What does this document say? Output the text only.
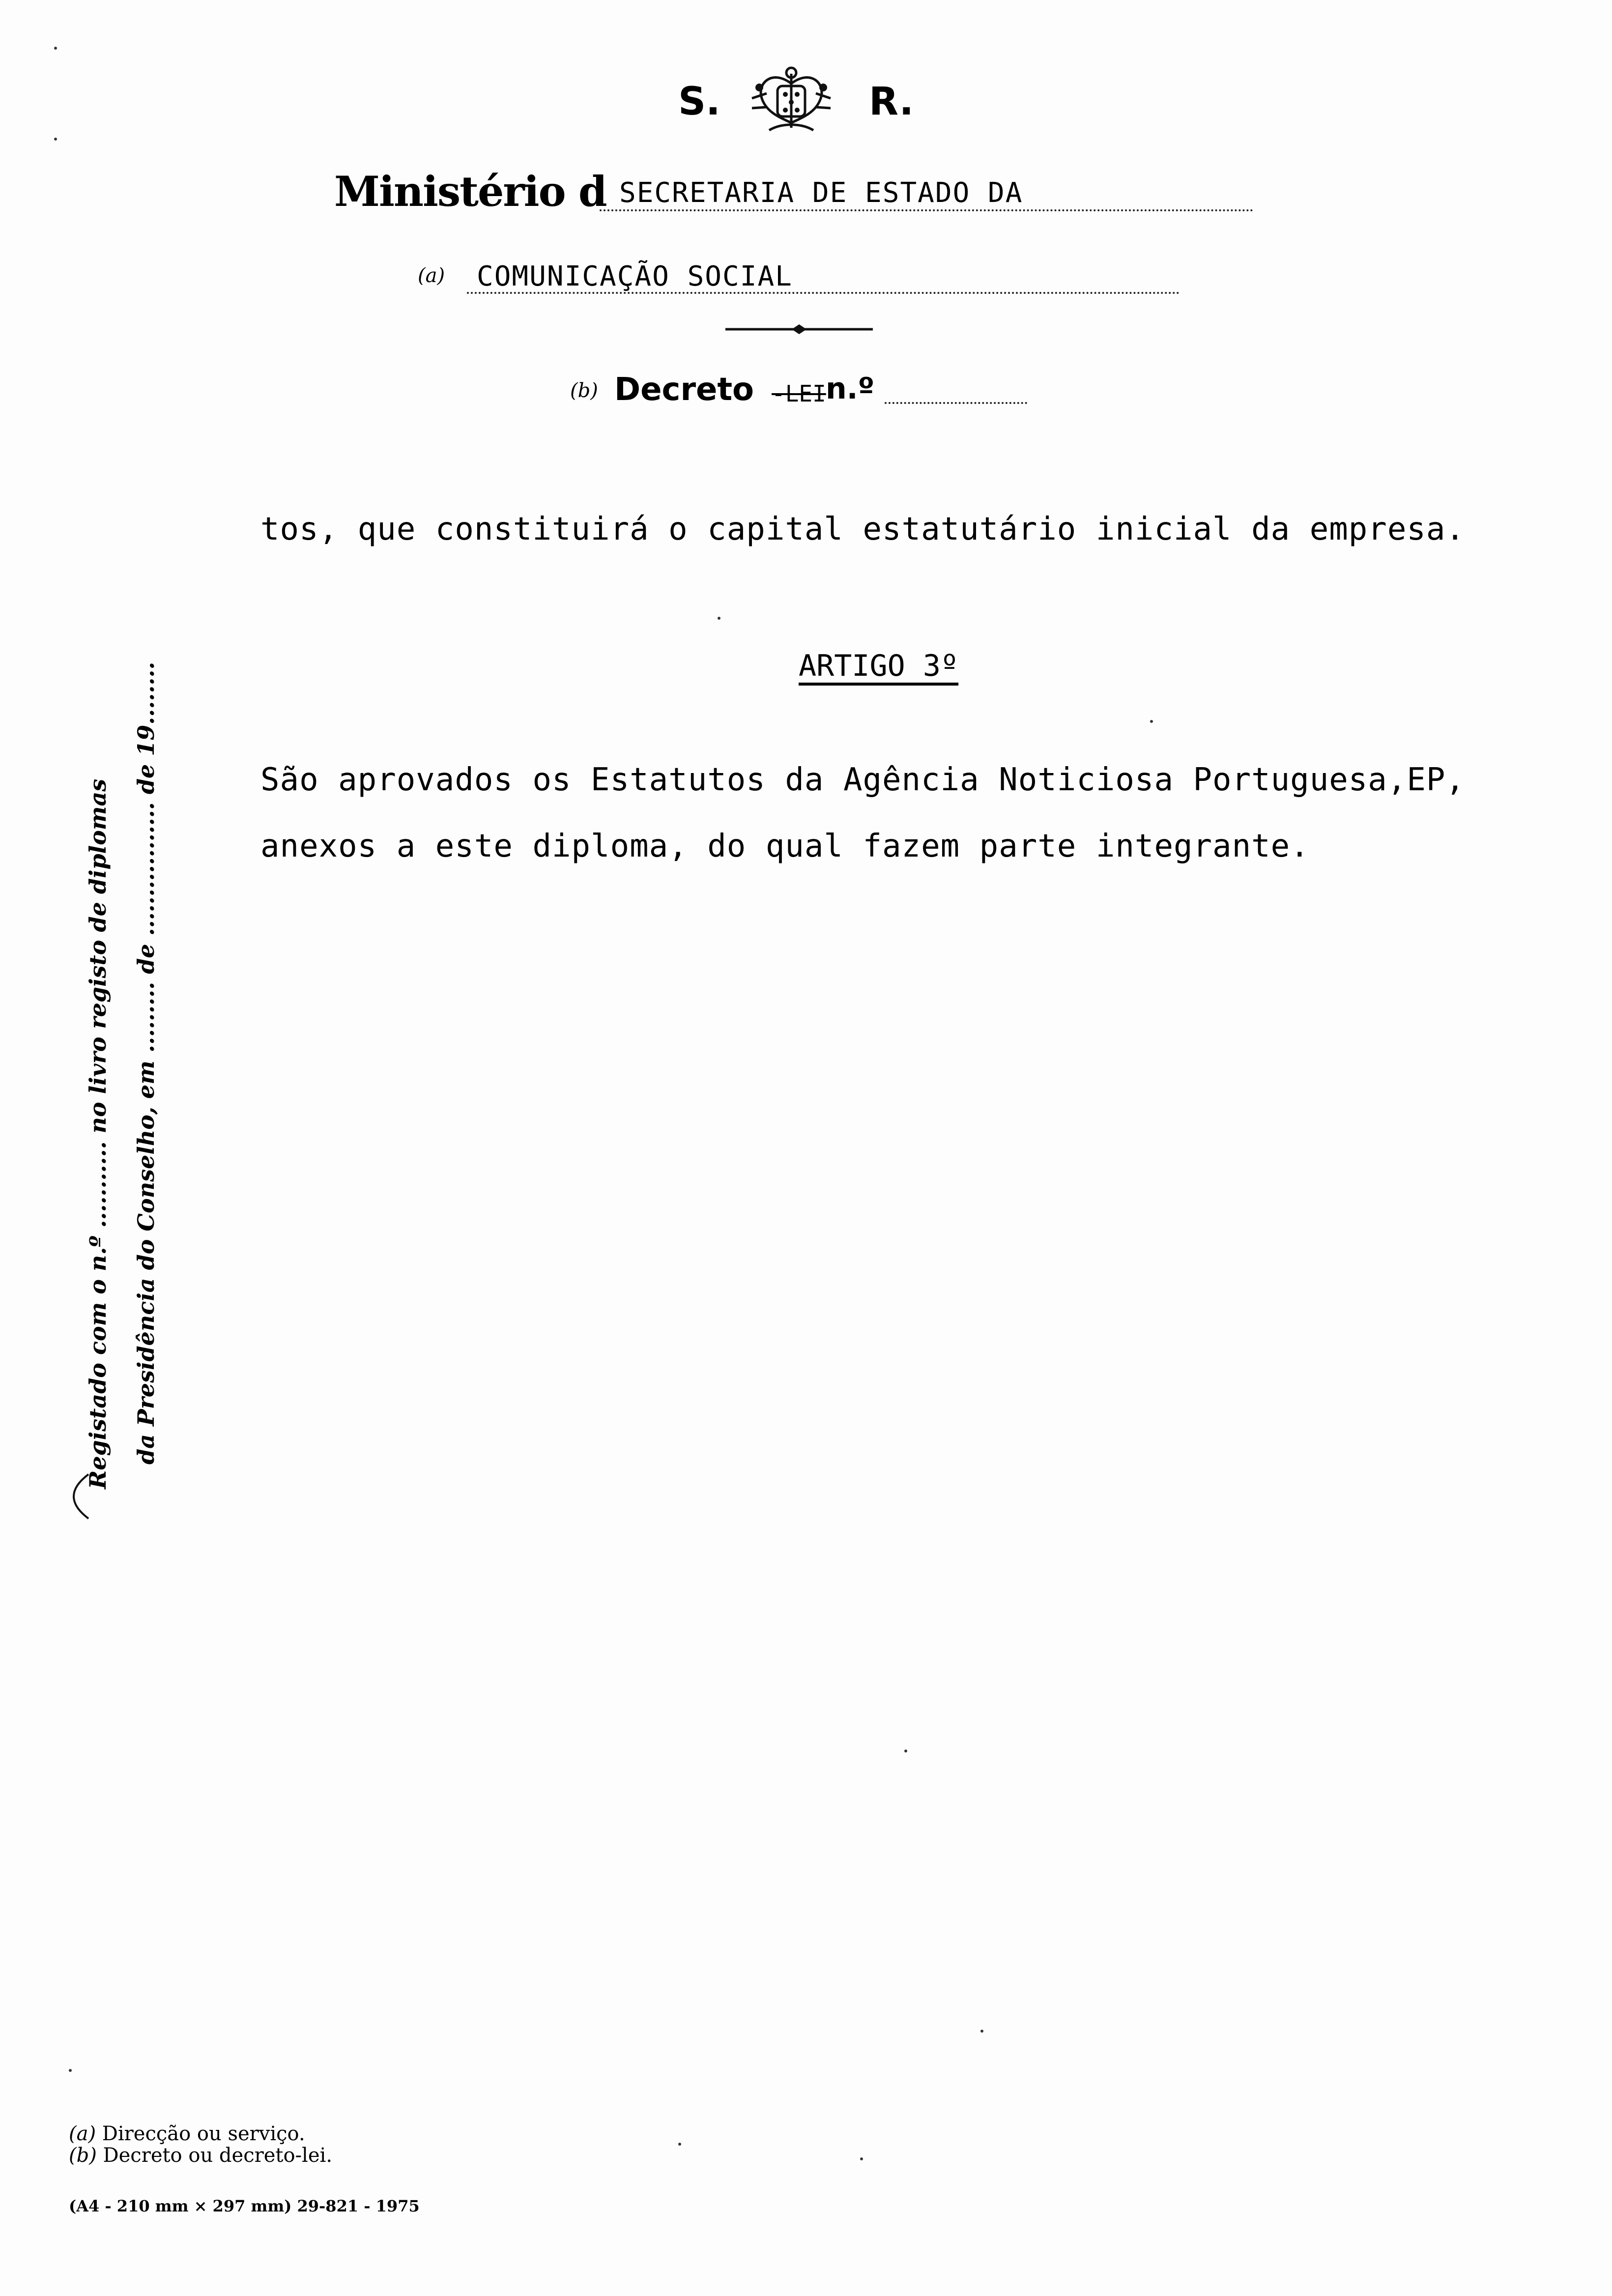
S.	R.
Ministério d SECRETARIA DE ESTADO DA
(a) COMUNICAÇÃO SOCIAL
(b) Decreto -LEI n.º
tos, que constituirá o capital estatutário inicial da empresa.
ARTIGO 3º
São aprovados os Estatutos da Agência Noticiosa Portuguesa,EP,
anexos a este diploma, do qual fazem parte integrante.
Registado com o n.º ........... no livro registo de diplomas da Presidência do Conselho, em ......... de ................. de 19........
(a) Direcção ou serviço.
(b) Decreto ou decreto-lei.
(A4 - 210 mm × 297 mm) 29-821 - 1975
